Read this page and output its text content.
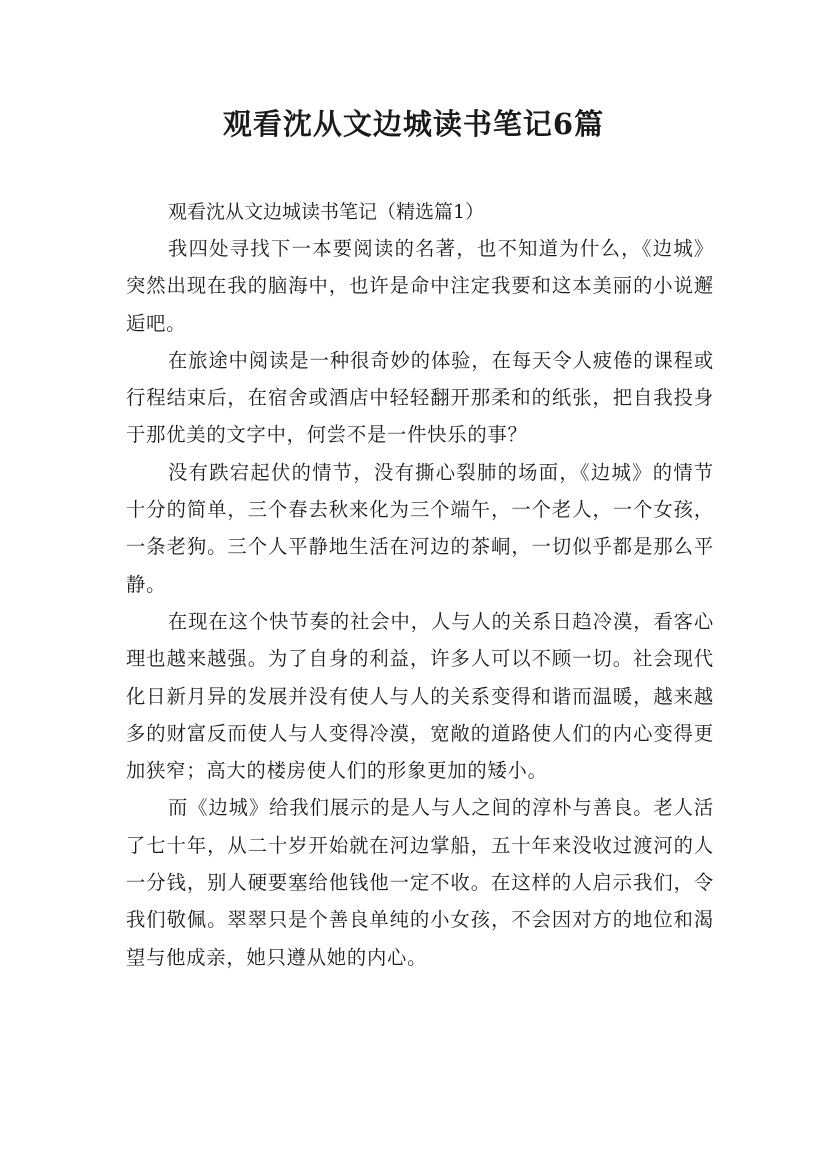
观看沈从文边城读书笔记6篇

观看沈从文边城读书笔记（精选篇1）

我四处寻找下一本要阅读的名著，也不知道为什么，《边城》突然出现在我的脑海中，也许是命中注定我要和这本美丽的小说邂逅吧。

在旅途中阅读是一种很奇妙的体验，在每天令人疲倦的课程或行程结束后，在宿舍或酒店中轻轻翻开那柔和的纸张，把自我投身于那优美的文字中，何尝不是一件快乐的事？

没有跌宕起伏的情节，没有撕心裂肺的场面，《边城》的情节十分的简单，三个春去秋来化为三个端午，一个老人，一个女孩，一条老狗。三个人平静地生活在河边的茶峒，一切似乎都是那么平静。

在现在这个快节奏的社会中，人与人的关系日趋冷漠，看客心理也越来越强。为了自身的利益，许多人可以不顾一切。社会现代化日新月异的发展并没有使人与人的关系变得和谐而温暖，越来越多的财富反而使人与人变得冷漠，宽敞的道路使人们的内心变得更加狭窄；高大的楼房使人们的形象更加的矮小。

而《边城》给我们展示的是人与人之间的淳朴与善良。老人活了七十年，从二十岁开始就在河边掌船，五十年来没收过渡河的人一分钱，别人硬要塞给他钱他一定不收。在这样的人启示我们，令我们敬佩。翠翠只是个善良单纯的小女孩，不会因对方的地位和渴望与他成亲，她只遵从她的内心。
